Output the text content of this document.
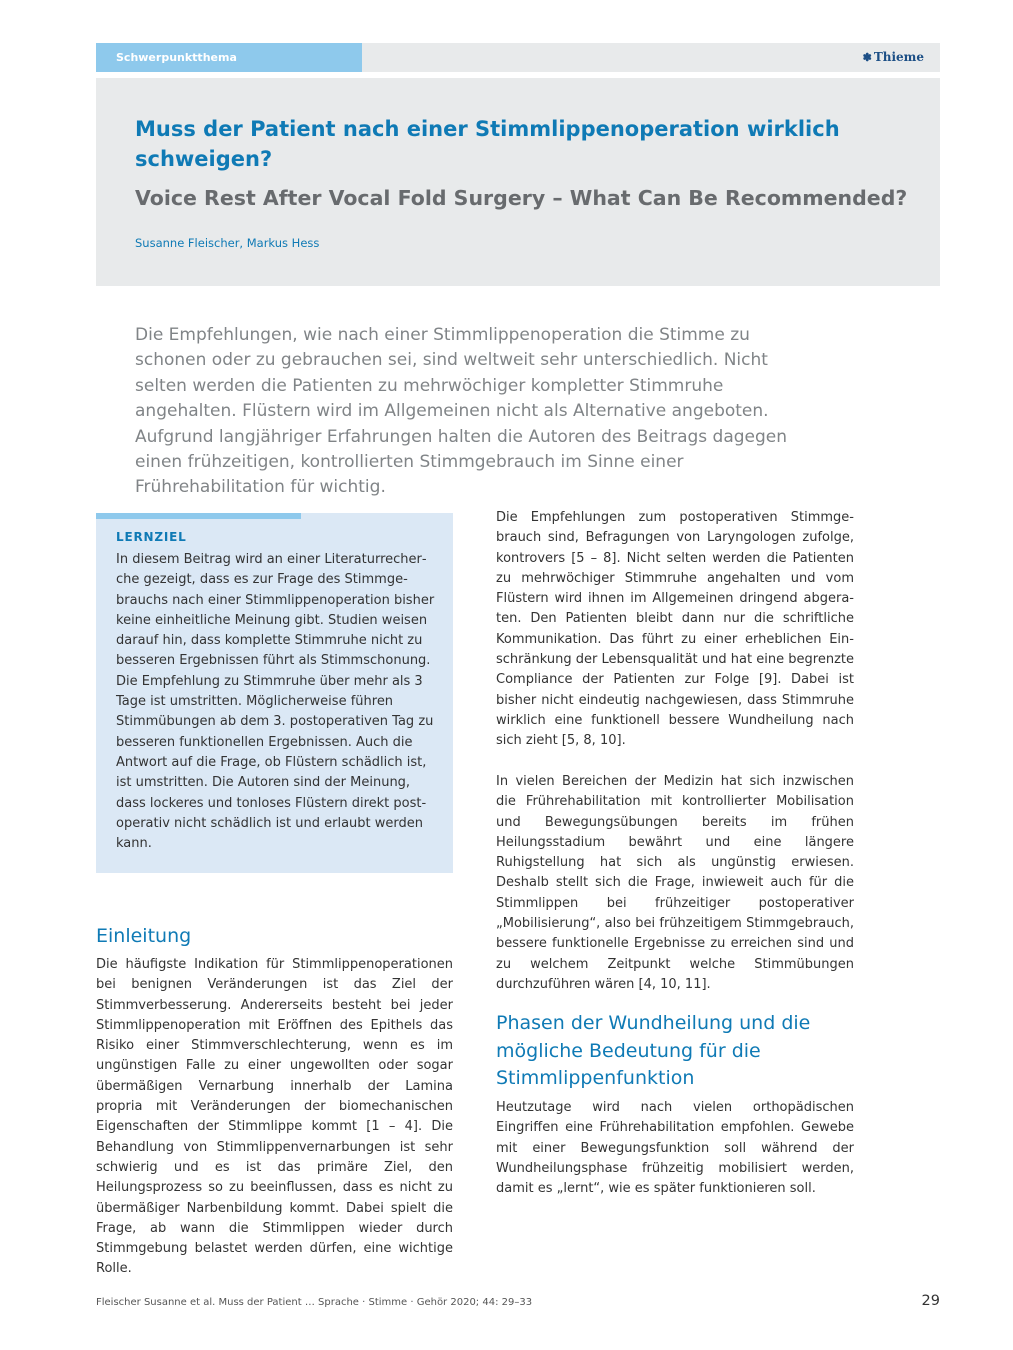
Schwerpunktthema	✽ Thieme
Muss der Patient nach einer Stimmlippenoperation wirklich schweigen?
Voice Rest After Vocal Fold Surgery – What Can Be Recommended?
Susanne Fleischer, Markus Hess

Die Empfehlungen, wie nach einer Stimmlippenoperation die Stimme zu schonen oder zu gebrauchen sei, sind weltweit sehr unterschiedlich. Nicht selten werden die Patienten zu mehrwöchiger kompletter Stimmruhe angehalten. Flüstern wird im Allgemeinen nicht als Alternative angeboten. Aufgrund langjähriger Erfahrungen halten die Autoren des Beitrags dagegen einen frühzeitigen, kontrollierten Stimmgebrauch im Sinne einer Frührehabilitation für wichtig.

LERNZIEL

In diesem Beitrag wird an einer Literaturrecherche gezeigt, dass es zur Frage des Stimmgebrauchs nach einer Stimmlippenoperation bisher keine einheitliche Meinung gibt. Studien weisen darauf hin, dass komplette Stimmruhe nicht zu besseren Ergebnissen führt als Stimmschonung. Die Empfehlung zu Stimmruhe über mehr als 3 Tage ist umstritten. Möglicherweise führen Stimmübungen ab dem 3. postoperativen Tag zu besseren funktionellen Ergebnissen. Auch die Antwort auf die Frage, ob Flüstern schädlich ist, ist umstritten. Die Autoren sind der Meinung, dass lockeres und tonloses Flüstern direkt postoperativ nicht schädlich ist und erlaubt werden kann.

Einleitung

Die häufigste Indikation für Stimmlippenoperationen bei benignen Veränderungen ist das Ziel der Stimmverbesserung. Andererseits besteht bei jeder Stimmlippenoperation mit Eröffnen des Epithels das Risiko einer Stimmverschlechterung, wenn es im ungünstigen Falle zu einer ungewollten oder sogar übermäßigen Vernarbung innerhalb der Lamina propria mit Veränderungen der biomechanischen Eigenschaften der Stimmlippe kommt [1 – 4]. Die Behandlung von Stimmlippenvernarbungen ist sehr schwierig und es ist das primäre Ziel, den Heilungsprozess so zu beeinflussen, dass es nicht zu übermäßiger Narbenbildung kommt. Dabei spielt die Frage, ab wann die Stimmlippen wieder durch Stimmgebung belastet werden dürfen, eine wichtige Rolle.

Die Empfehlungen zum postoperativen Stimmgebrauch sind, Befragungen von Laryngologen zufolge, kontrovers [5 – 8]. Nicht selten werden die Patienten zu mehrwöchiger Stimmruhe angehalten und vom Flüstern wird ihnen im Allgemeinen dringend abgeraten. Den Patienten bleibt dann nur die schriftliche Kommunikation. Das führt zu einer erheblichen Einschränkung der Lebensqualität und hat eine begrenzte Compliance der Patienten zur Folge [9]. Dabei ist bisher nicht eindeutig nachgewiesen, dass Stimmruhe wirklich eine funktionell bessere Wundheilung nach sich zieht [5, 8, 10].

In vielen Bereichen der Medizin hat sich inzwischen die Frührehabilitation mit kontrollierter Mobilisation und Bewegungsübungen bereits im frühen Heilungsstadium bewährt und eine längere Ruhigstellung hat sich als ungünstig erwiesen. Deshalb stellt sich die Frage, inwieweit auch für die Stimmlippen bei frühzeitiger postoperativer „Mobilisierung“, also bei frühzeitigem Stimmgebrauch, bessere funktionelle Ergebnisse zu erreichen sind und zu welchem Zeitpunkt welche Stimmübungen durchzuführen wären [4, 10, 11].

Phasen der Wundheilung und die mögliche Bedeutung für die Stimmlippenfunktion

Heutzutage wird nach vielen orthopädischen Eingriffen eine Frührehabilitation empfohlen. Gewebe mit einer Bewegungsfunktion soll während der Wundheilungsphase frühzeitig mobilisiert werden, damit es „lernt“, wie es später funktionieren soll.

Fleischer Susanne et al. Muss der Patient … Sprache · Stimme · Gehör 2020; 44: 29–33	29
